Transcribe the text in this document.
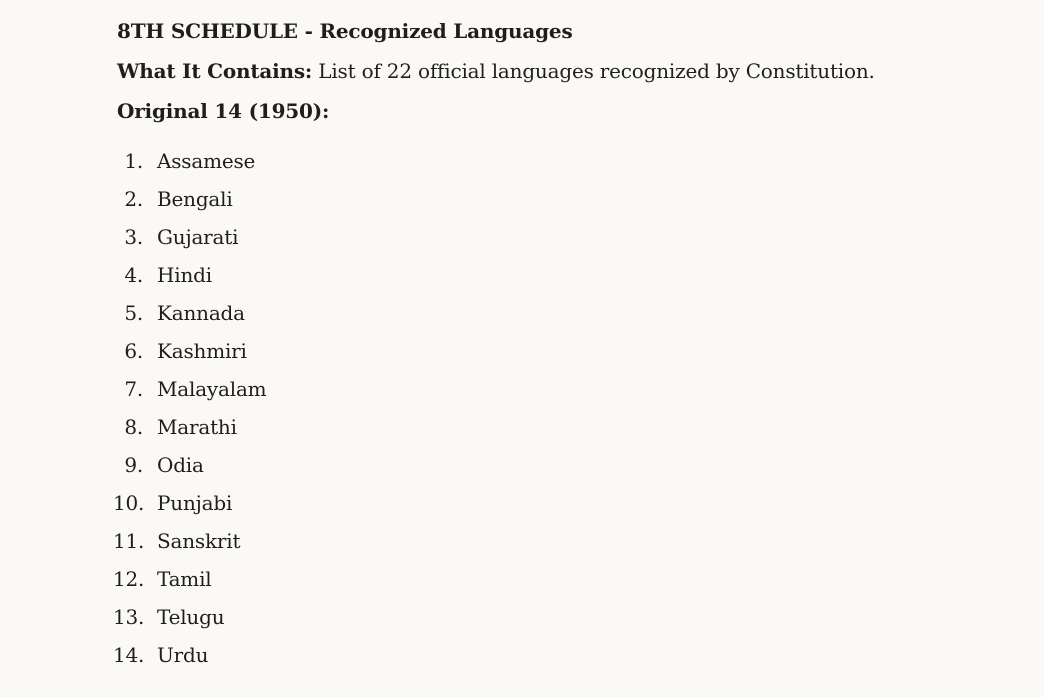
8TH SCHEDULE - Recognized Languages

What It Contains: List of 22 official languages recognized by Constitution.

Original 14 (1950):

1. Assamese
2. Bengali
3. Gujarati
4. Hindi
5. Kannada
6. Kashmiri
7. Malayalam
8. Marathi
9. Odia
10. Punjabi
11. Sanskrit
12. Tamil
13. Telugu
14. Urdu
